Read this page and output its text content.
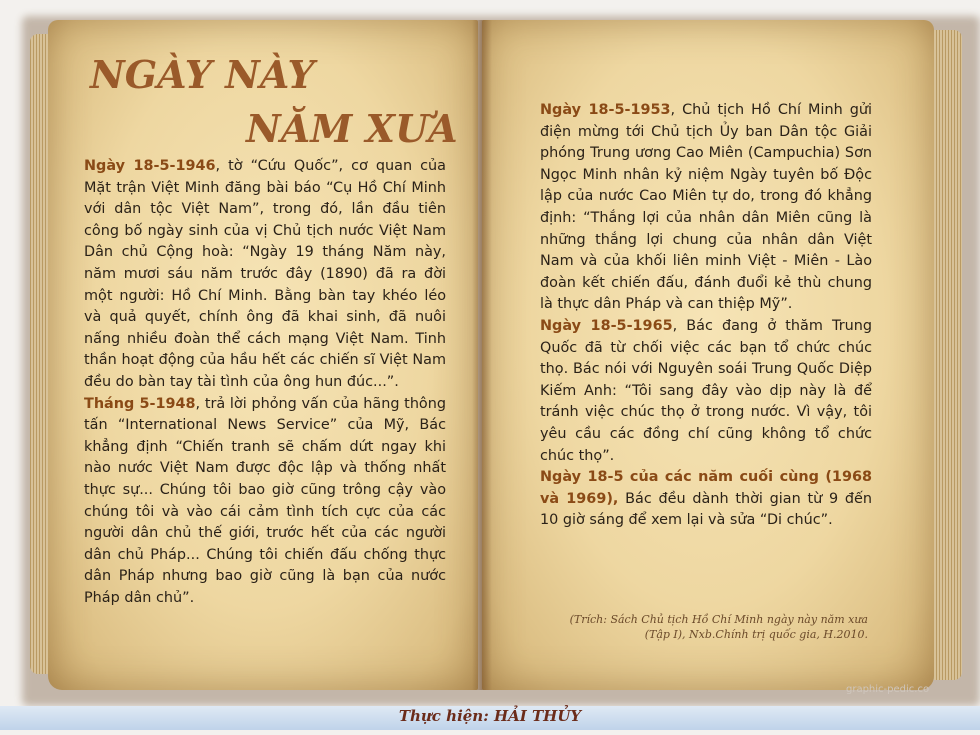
NGÀY NÀY
NĂM XƯA

Ngày 18-5-1946, tờ “Cứu Quốc”, cơ quan của Mặt trận Việt Minh đăng bài báo “Cụ Hồ Chí Minh với dân tộc Việt Nam”, trong đó, lần đầu tiên công bố ngày sinh của vị Chủ tịch nước Việt Nam Dân chủ Cộng hoà: “Ngày 19 tháng Năm này, năm mươi sáu năm trước đây (1890) đã ra đời một người: Hồ Chí Minh. Bằng bàn tay khéo léo và quả quyết, chính ông đã khai sinh, đã nuôi nấng nhiều đoàn thể cách mạng Việt Nam. Tinh thần hoạt động của hầu hết các chiến sĩ Việt Nam đều do bàn tay tài tình của ông hun đúc...”.

Tháng 5-1948, trả lời phỏng vấn của hãng thông tấn “International News Service” của Mỹ, Bác khẳng định “Chiến tranh sẽ chấm dứt ngay khi nào nước Việt Nam được độc lập và thống nhất thực sự... Chúng tôi bao giờ cũng trông cậy vào chúng tôi và vào cái cảm tình tích cực của các người dân chủ thế giới, trước hết của các người dân chủ Pháp... Chúng tôi chiến đấu chống thực dân Pháp nhưng bao giờ cũng là bạn của nước Pháp dân chủ”.

Ngày 18-5-1953, Chủ tịch Hồ Chí Minh gửi điện mừng tới Chủ tịch Ủy ban Dân tộc Giải phóng Trung ương Cao Miên (Campuchia) Sơn Ngọc Minh nhân kỷ niệm Ngày tuyên bố Độc lập của nước Cao Miên tự do, trong đó khẳng định: “Thắng lợi của nhân dân Miên cũng là những thắng lợi chung của nhân dân Việt Nam và của khối liên minh Việt - Miên - Lào đoàn kết chiến đấu, đánh đuổi kẻ thù chung là thực dân Pháp và can thiệp Mỹ”.

Ngày 18-5-1965, Bác đang ở thăm Trung Quốc đã từ chối việc các bạn tổ chức chúc thọ. Bác nói với Nguyên soái Trung Quốc Diệp Kiếm Anh: “Tôi sang đây vào dịp này là để tránh việc chúc thọ ở trong nước. Vì vậy, tôi yêu cầu các đồng chí cũng không tổ chức chúc thọ”.

Ngày 18-5 của các năm cuối cùng (1968 và 1969), Bác đều dành thời gian từ 9 đến 10 giờ sáng để xem lại và sửa “Di chúc”.

(Trích: Sách Chủ tịch Hồ Chí Minh ngày này năm xưa
(Tập I), Nxb.Chính trị quốc gia, H.2010.
graphic-pedic.co
Thực hiện: HẢI THỦY
